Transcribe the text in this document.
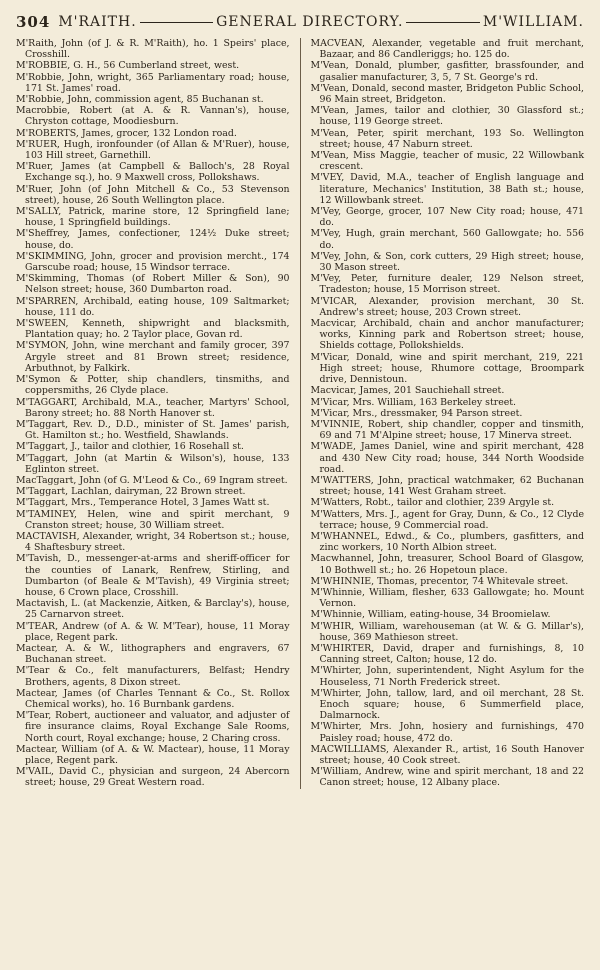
304 M'RAITH.	GENERAL DIRECTORY.	M'WILLIAM.

M'Raith, John (of J. & R. M'Raith), ho. 1 Speirs' place, Crosshill.

M'ROBBIE, G. H., 56 Cumberland street, west.

M'Robbie, John, wright, 365 Parliamentary road; house, 171 St. James' road.

M'Robbie, John, commission agent, 85 Buchanan st.

Macrobbie, Robert (at A. & R. Vannan's), house, Chryston cottage, Moodiesburn.

M'ROBERTS, James, grocer, 132 London road.

M'RUER, Hugh, ironfounder (of Allan & M'Ruer), house, 103 Hill street, Garnethill.

M'Ruer, James (at Campbell & Balloch's, 28 Royal Exchange sq.), ho. 9 Maxwell cross, Pollokshaws.

M'Ruer, John (of John Mitchell & Co., 53 Stevenson street), house, 26 South Wellington place.

M'SALLY, Patrick, marine store, 12 Springfield lane; house, 1 Springfield buildings.

M'Sheffrey, James, confectioner, 124½ Duke street; house, do.

M'SKIMMING, John, grocer and provision mercht., 174 Garscube road; house, 15 Windsor terrace.

M'Skimming, Thomas (of Robert Miller & Son), 90 Nelson street; house, 360 Dumbarton road.

M'SPARREN, Archibald, eating house, 109 Saltmarket; house, 111 do.

M'SWEEN, Kenneth, shipwright and blacksmith, Plantation quay; ho. 2 Taylor place, Govan rd.

M'SYMON, John, wine merchant and family grocer, 397 Argyle street and 81 Brown street; residence, Arbuthnot, by Falkirk.

M'Symon & Potter, ship chandlers, tinsmiths, and coppersmiths, 26 Clyde place.

M'TAGGART, Archibald, M.A., teacher, Martyrs' School, Barony street; ho. 88 North Hanover st.

M'Taggart, Rev. D., D.D., minister of St. James' parish, Gt. Hamilton st.; ho. Westfield, Shawlands.

M'Taggart, J., tailor and clothier, 16 Rosehall st.

M'Taggart, John (at Martin & Wilson's), house, 133 Eglinton street.

MacTaggart, John (of G. M'Leod & Co., 69 Ingram street.

M'Taggart, Lachlan, dairyman, 22 Brown street.

M'Taggart, Mrs., Temperance Hotel, 3 James Watt st.

M'TAMINEY, Helen, wine and spirit merchant, 9 Cranston street; house, 30 William street.

MACTAVISH, Alexander, wright, 34 Robertson st.; house, 4 Shaftesbury street.

M'Tavish, D., messenger-at-arms and sheriff-officer for the counties of Lanark, Renfrew, Stirling, and Dumbarton (of Beale & M'Tavish), 49 Virginia street; house, 6 Crown place, Crosshill.

Mactavish, L. (at Mackenzie, Aitken, & Barclay's), house, 25 Carnarvon street.

M'TEAR, Andrew (of A. & W. M'Tear), house, 11 Moray place, Regent park.

Mactear, A. & W., lithographers and engravers, 67 Buchanan street.

M'Tear & Co., felt manufacturers, Belfast; Hendry Brothers, agents, 8 Dixon street.

Mactear, James (of Charles Tennant & Co., St. Rollox Chemical works), ho. 16 Burnbank gardens.

M'Tear, Robert, auctioneer and valuator, and adjuster of fire insurance claims, Royal Exchange Sale Rooms, North court, Royal exchange; house, 2 Charing cross.

Mactear, William (of A. & W. Mactear), house, 11 Moray place, Regent park.

M'VAIL, David C., physician and surgeon, 24 Abercorn street; house, 29 Great Western road.

MACVEAN, Alexander, vegetable and fruit merchant, Bazaar, and 86 Candleriggs; ho. 125 do.

M'Vean, Donald, plumber, gasfitter, brassfounder, and gasalier manufacturer, 3, 5, 7 St. George's rd.

M'Vean, Donald, second master, Bridgeton Public School, 96 Main street, Bridgeton.

M'Vean, James, tailor and clothier, 30 Glassford st.; house, 119 George street.

M'Vean, Peter, spirit merchant, 193 So. Wellington street; house, 47 Naburn street.

M'Vean, Miss Maggie, teacher of music, 22 Willowbank crescent.

M'VEY, David, M.A., teacher of English language and literature, Mechanics' Institution, 38 Bath st.; house, 12 Willowbank street.

M'Vey, George, grocer, 107 New City road; house, 471 do.

M'Vey, Hugh, grain merchant, 560 Gallowgate; ho. 556 do.

M'Vey, John, & Son, cork cutters, 29 High street; house, 30 Mason street.

M'Vey, Peter, furniture dealer, 129 Nelson street, Tradeston; house, 15 Morrison street.

M'VICAR, Alexander, provision merchant, 30 St. Andrew's street; house, 203 Crown street.

Macvicar, Archibald, chain and anchor manufacturer; works, Kinning park and Robertson street; house, Shields cottage, Pollokshields.

M'Vicar, Donald, wine and spirit merchant, 219, 221 High street; house, Rhumore cottage, Broompark drive, Dennistoun.

Macvicar, James, 201 Sauchiehall street.

M'Vicar, Mrs. William, 163 Berkeley street.

M'Vicar, Mrs., dressmaker, 94 Parson street.

M'VINNIE, Robert, ship chandler, copper and tinsmith, 69 and 71 M'Alpine street; house, 17 Minerva street.

M'WADE, James Daniel, wine and spirit merchant, 428 and 430 New City road; house, 344 North Woodside road.

M'WATTERS, John, practical watchmaker, 62 Buchanan street; house, 141 West Graham street.

M'Watters, Robt., tailor and clothier, 239 Argyle st.

M'Watters, Mrs. J., agent for Gray, Dunn, & Co., 12 Clyde terrace; house, 9 Commercial road.

M'WHANNEL, Edwd., & Co., plumbers, gasfitters, and zinc workers, 10 North Albion street.

Macwhannel, John, treasurer, School Board of Glasgow, 10 Bothwell st.; ho. 26 Hopetoun place.

M'WHINNIE, Thomas, precentor, 74 Whitevale street.

M'Whinnie, William, flesher, 633 Gallowgate; ho. Mount Vernon.

M'Whinnie, William, eating-house, 34 Broomielaw.

M'WHIR, William, warehouseman (at W. & G. Millar's), house, 369 Mathieson street.

M'WHIRTER, David, draper and furnishings, 8, 10 Canning street, Calton; house, 12 do.

M'Whirter, John, superintendent, Night Asylum for the Houseless, 71 North Frederick street.

M'Whirter, John, tallow, lard, and oil merchant, 28 St. Enoch square; house, 6 Summerfield place, Dalmarnock.

M'Whirter, Mrs. John, hosiery and furnishings, 470 Paisley road; house, 472 do.

MACWILLIAMS, Alexander R., artist, 16 South Hanover street; house, 40 Cook street.

M'William, Andrew, wine and spirit merchant, 18 and 22 Canon street; house, 12 Albany place.
